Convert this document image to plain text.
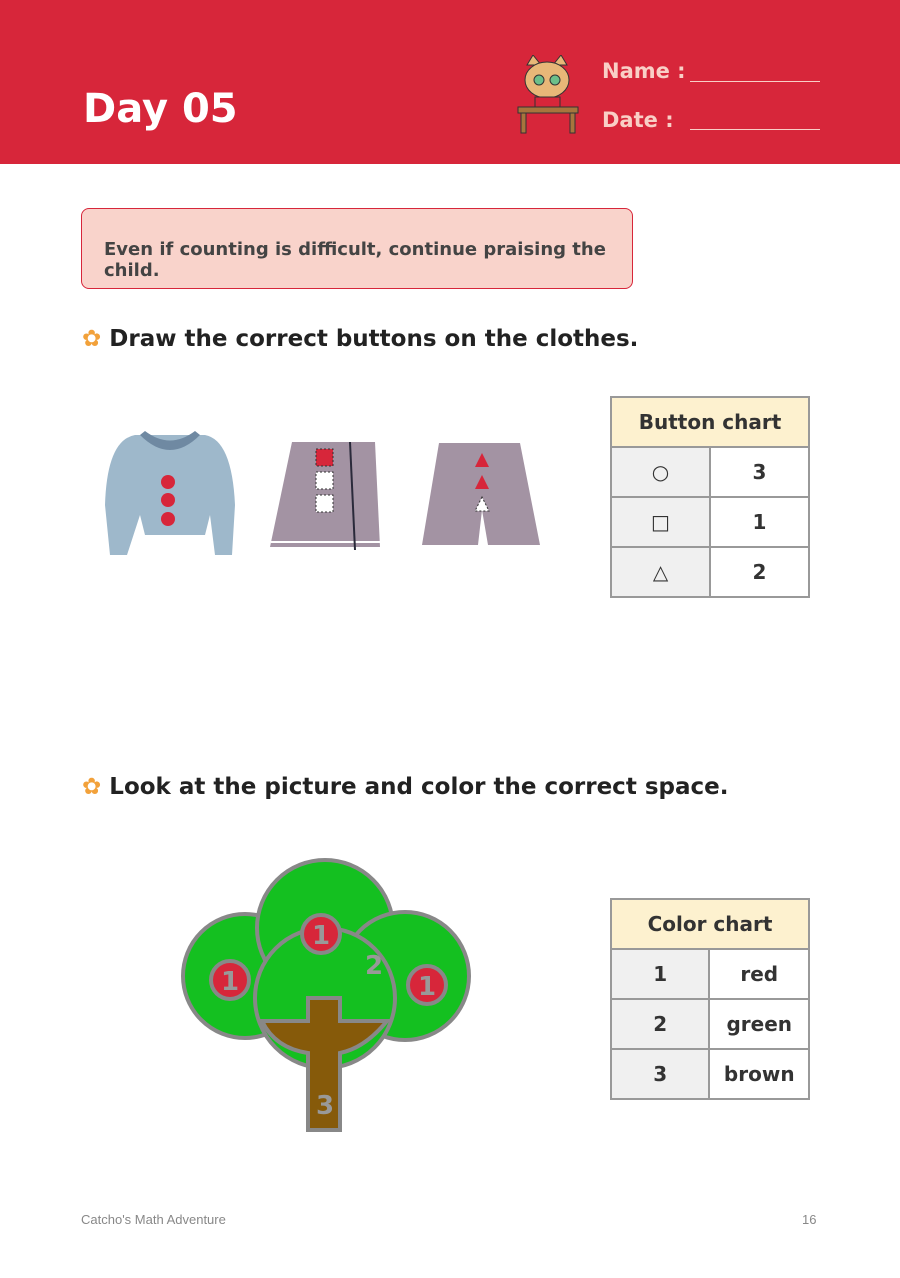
Day 05
Name :
Date :
Even if counting is difficult, continue praising the child.
✿ Draw the correct buttons on the clothes.
Button chart	
○	3
□	1
△	2
✿ Look at the picture and color the correct space.
1
1	1
2
3
Color chart	
1	red
2	green
3	brown
Catcho's Math Adventure	16
